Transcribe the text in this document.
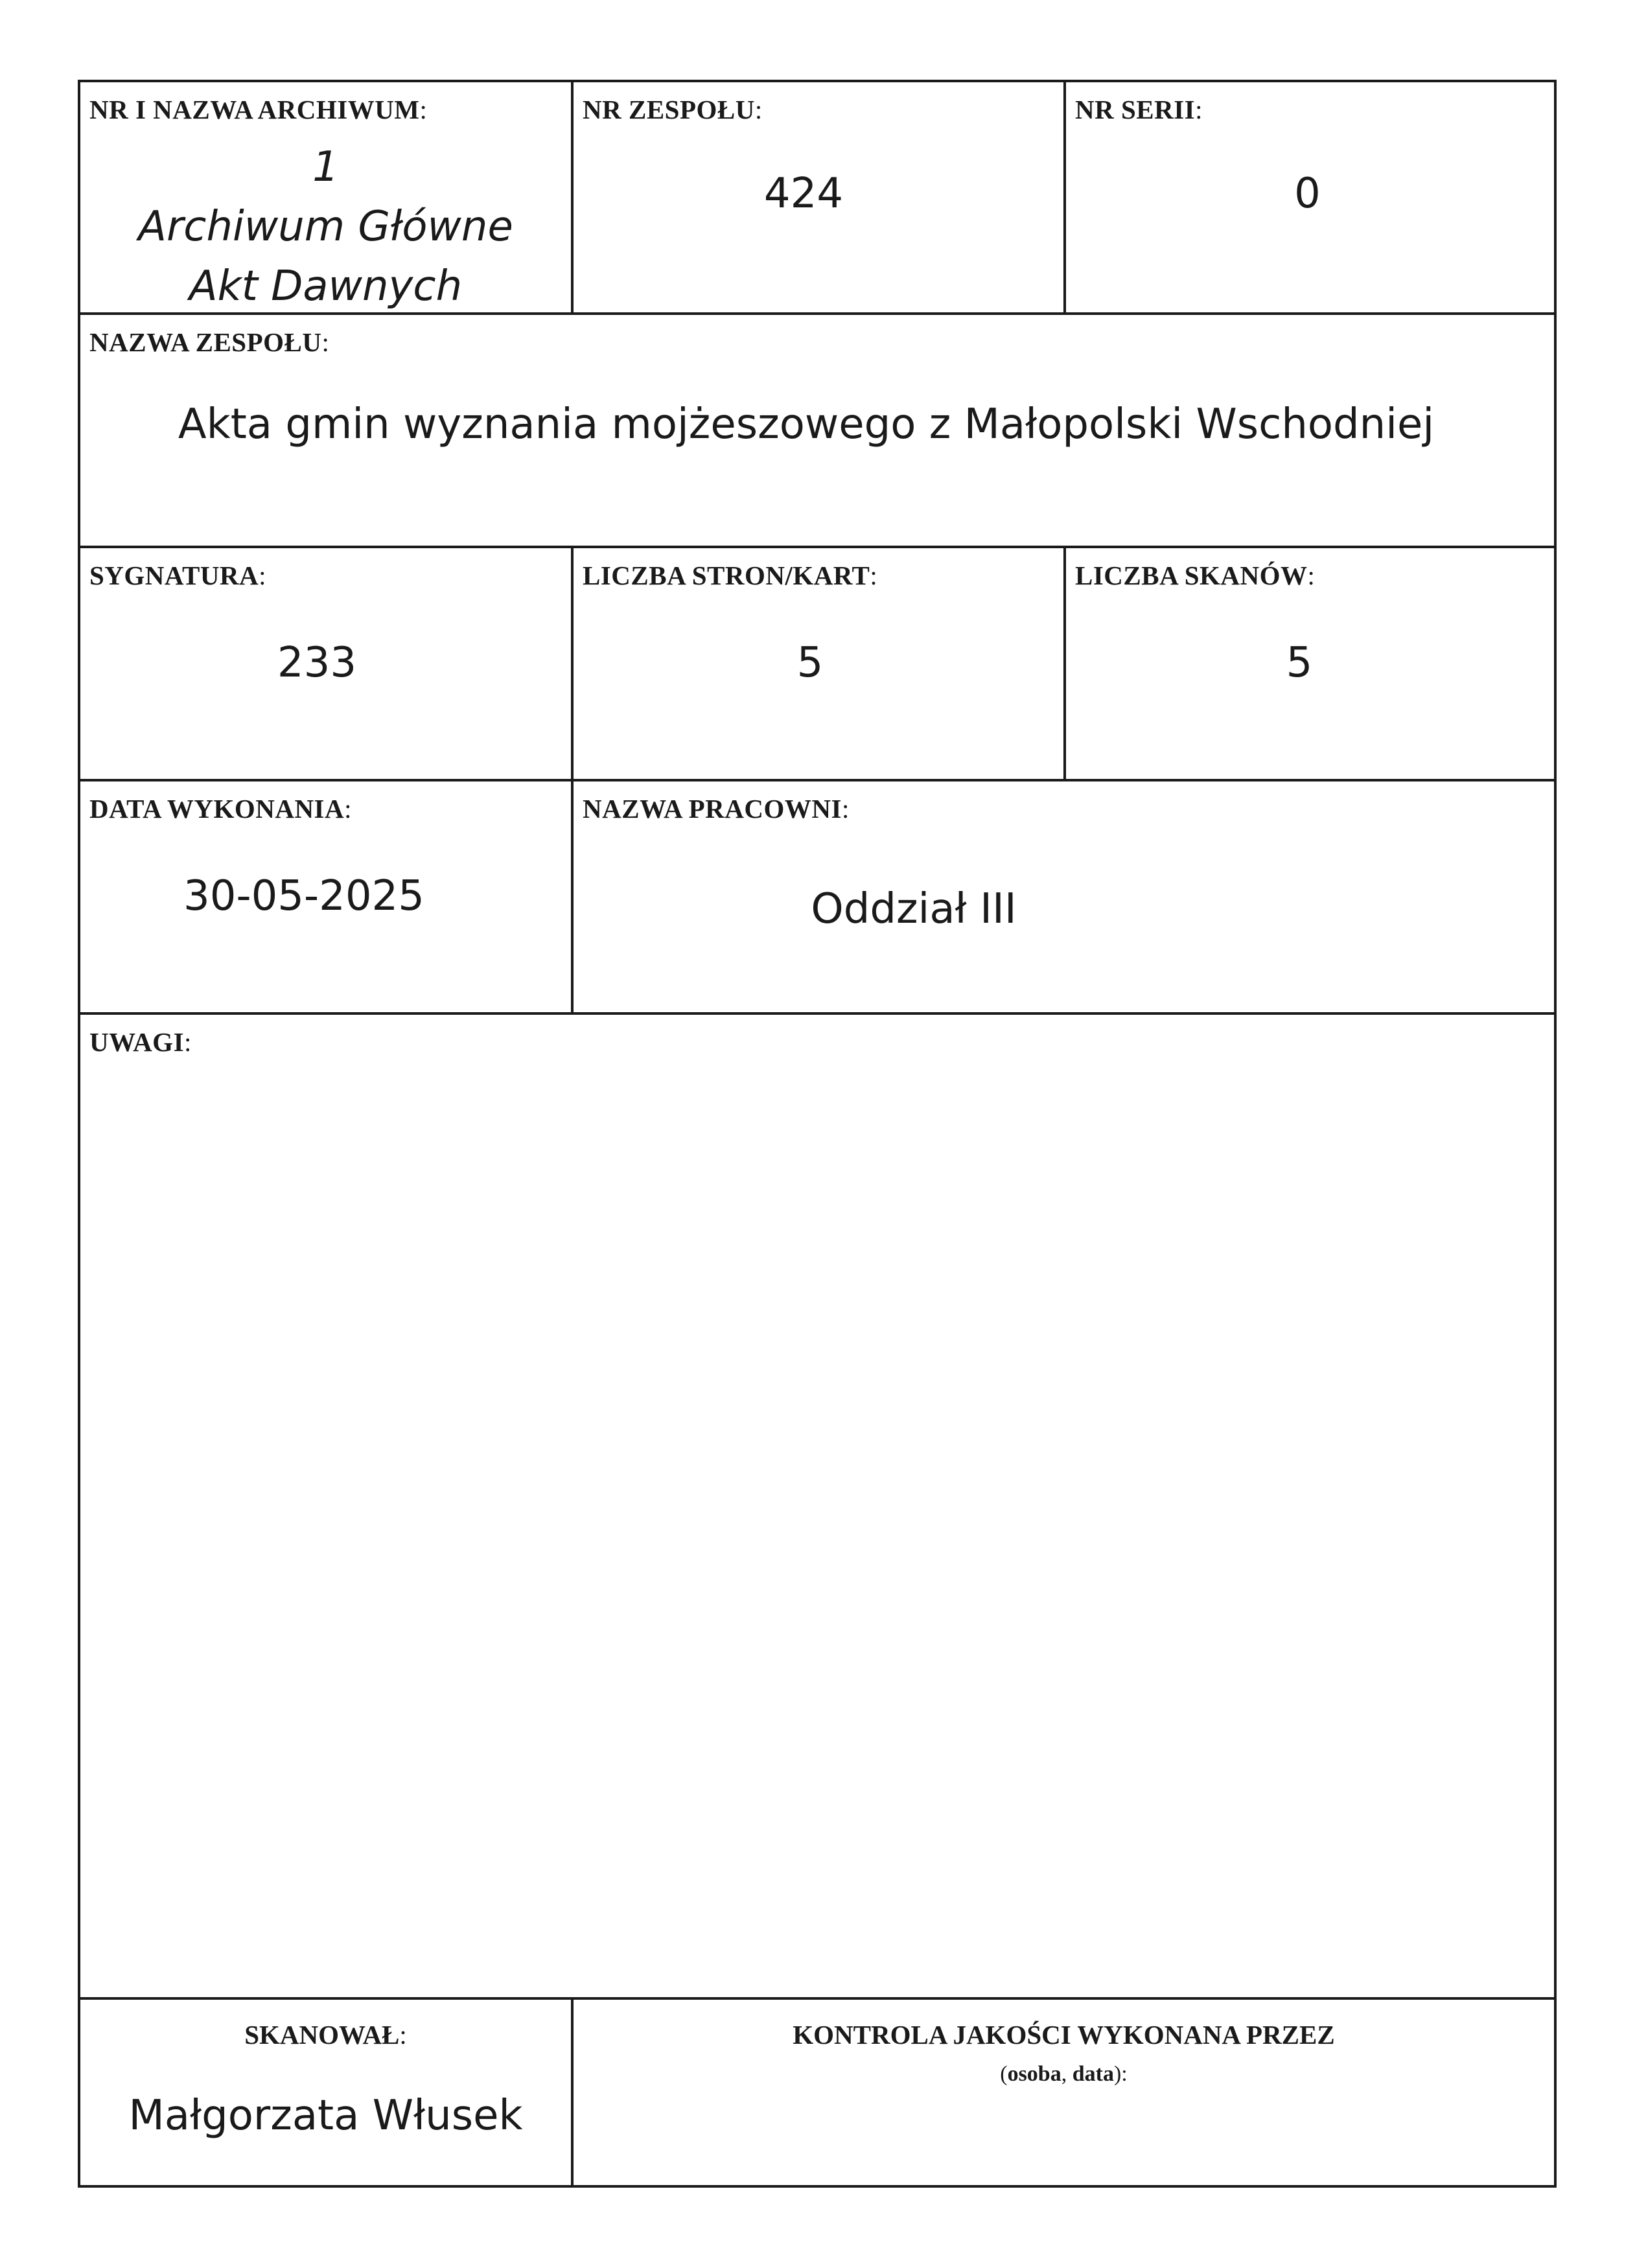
NR I NAZWA ARCHIWUM:
1
Archiwum Główne
Akt Dawnych
NR ZESPOŁU:
424
NR SERII:
0
NAZWA ZESPOŁU:
Akta gmin wyznania mojżeszowego z Małopolski Wschodniej
SYGNATURA:
233
LICZBA STRON/KART:
5
LICZBA SKANÓW:
5
DATA WYKONANIA:
30-05-2025
NAZWA PRACOWNI:
Oddział III
UWAGI:
SKANOWAŁ:
Małgorzata Włusek
KONTROLA JAKOŚCI WYKONANA PRZEZ
(osoba, data):
